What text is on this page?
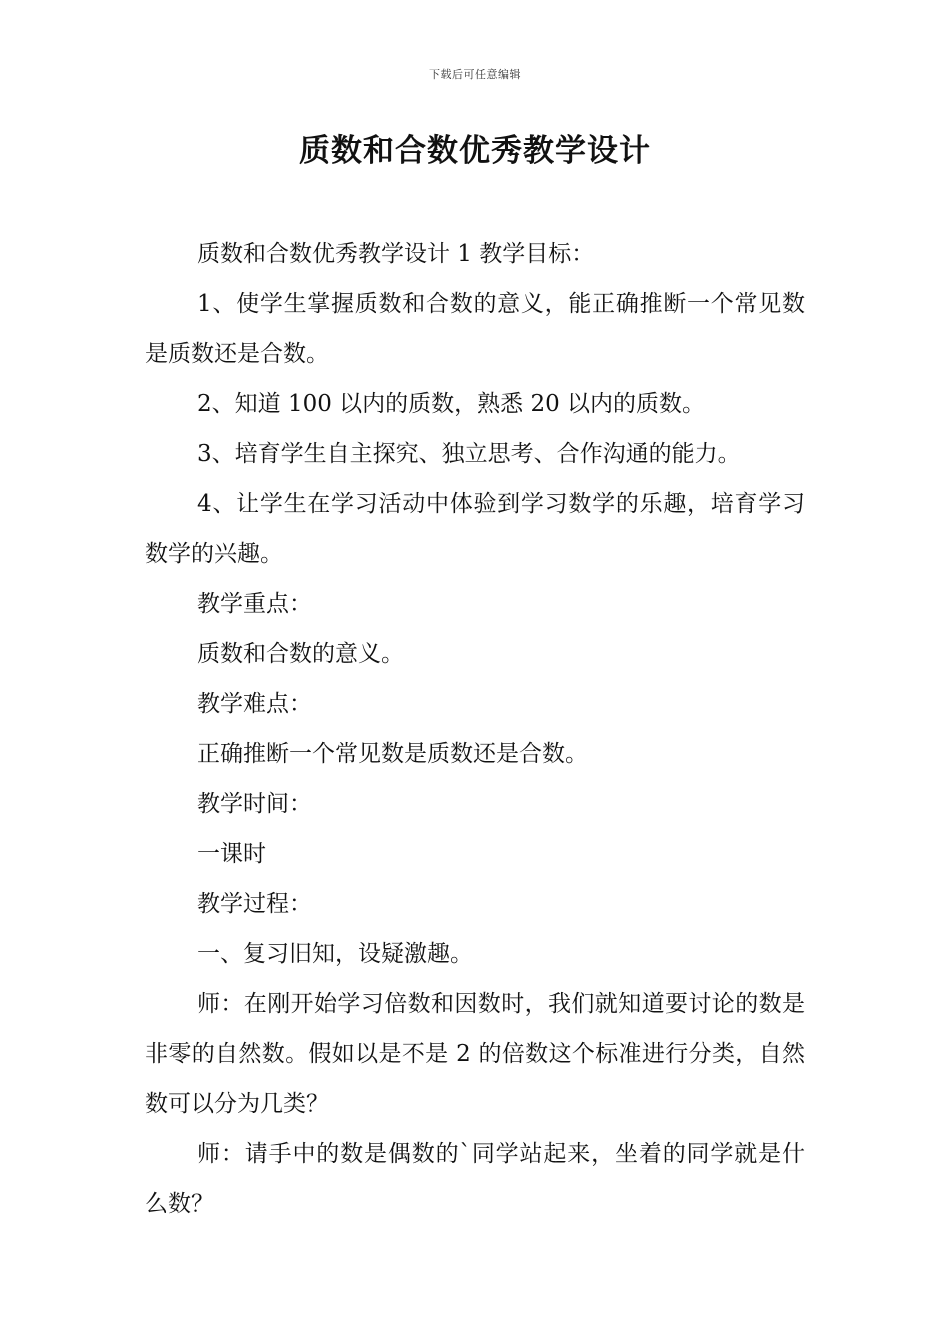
下载后可任意编辑
质数和合数优秀教学设计

质数和合数优秀教学设计 1 教学目标：

1、使学生掌握质数和合数的意义，能正确推断一个常见数是质数还是合数。

2、知道 100 以内的质数，熟悉 20 以内的质数。

3、培育学生自主探究、独立思考、合作沟通的能力。

4、让学生在学习活动中体验到学习数学的乐趣，培育学习数学的兴趣。

教学重点：

质数和合数的意义。

教学难点：

正确推断一个常见数是质数还是合数。

教学时间：

一课时

教学过程：

一、复习旧知，设疑激趣。

师：在刚开始学习倍数和因数时，我们就知道要讨论的数是非零的自然数。假如以是不是 2 的倍数这个标准进行分类，自然数可以分为几类？

师：请手中的数是偶数的`同学站起来，坐着的同学就是什么数？
